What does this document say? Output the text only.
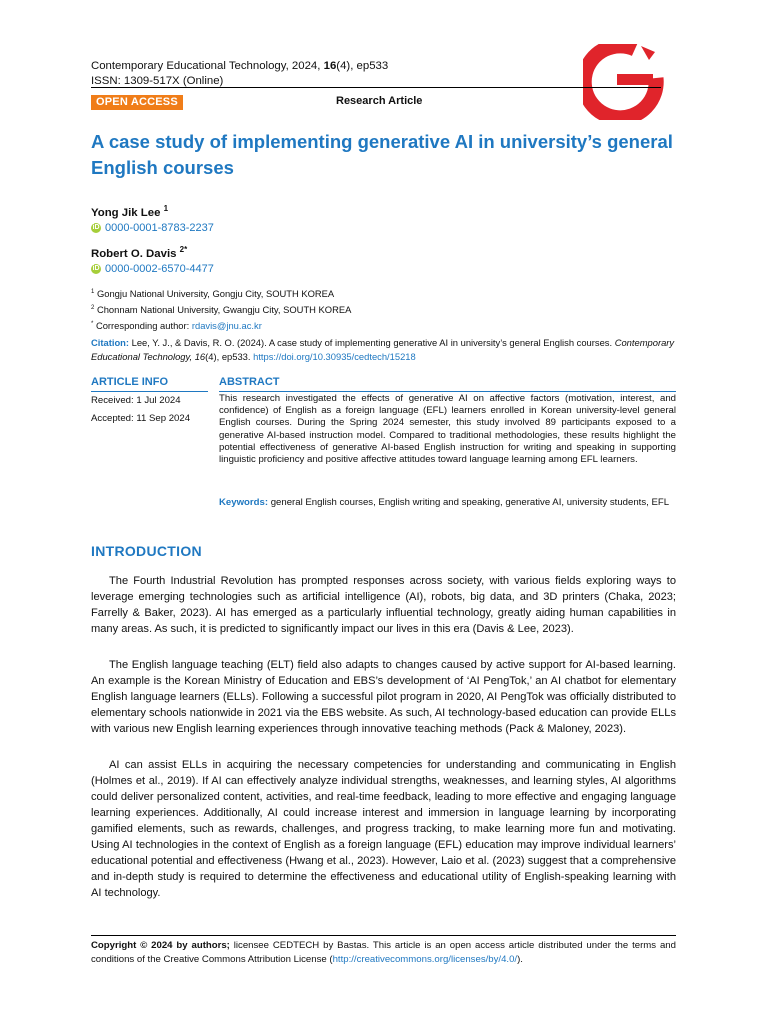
Contemporary Educational Technology, 2024, 16(4), ep533
ISSN: 1309-517X (Online)
OPEN ACCESS	Research Article
A case study of implementing generative AI in university’s general English courses
Yong Jik Lee $^1$
iD 0000-0001-8783-2237
Robert O. Davis $^{2*}$
iD 0000-0002-6570-4477
$^1$ Gongju National University, Gongju City, SOUTH KOREA
$^2$ Chonnam National University, Gwangju City, SOUTH KOREA
* Corresponding author: rdavis@jnu.ac.kr
Citation: Lee, Y. J., & Davis, R. O. (2024). A case study of implementing generative AI in university’s general English courses. Contemporary Educational Technology, 16(4), ep533. https://doi.org/10.30935/cedtech/15218
ARTICLE INFO
Received: 1 Jul 2024
Accepted: 11 Sep 2024
ABSTRACT
This research investigated the effects of generative AI on affective factors (motivation, interest, and confidence) of English as a foreign language (EFL) learners enrolled in Korean university-level general English courses. During the Spring 2024 semester, this study involved 89 participants exposed to a generative AI-based instruction model. Compared to traditional methodologies, these results highlight the potential effectiveness of generative AI-based English instruction for writing and speaking in supporting linguistic proficiency and positive affective attitudes toward language learning among EFL learners.
Keywords: general English courses, English writing and speaking, generative AI, university students, EFL
INTRODUCTION
The Fourth Industrial Revolution has prompted responses across society, with various fields exploring ways to leverage emerging technologies such as artificial intelligence (AI), robots, big data, and 3D printers (Chaka, 2023; Farrelly & Baker, 2023). AI has emerged as a particularly influential technology, greatly aiding human capabilities in many areas. As such, it is predicted to significantly impact our lives in this era (Davis & Lee, 2023).
The English language teaching (ELT) field also adapts to changes caused by active support for AI-based learning. An example is the Korean Ministry of Education and EBS’s development of ‘AI PengTok,’ an AI chatbot for elementary English language learners (ELLs). Following a successful pilot program in 2020, AI PengTok was officially distributed to elementary schools nationwide in 2021 via the EBS website. As such, AI technology-based education can provide ELLs with various new English learning experiences through innovative teaching methods (Pack & Maloney, 2023).
AI can assist ELLs in acquiring the necessary competencies for understanding and communicating in English (Holmes et al., 2019). If AI can effectively analyze individual strengths, weaknesses, and learning styles, AI algorithms could deliver personalized content, activities, and real-time feedback, leading to more effective and engaging language learning experiences. Additionally, AI could increase interest and immersion in language learning by incorporating gamified elements, such as rewards, challenges, and progress tracking, to make learning more fun and motivating. Using AI technologies in the context of English as a foreign language (EFL) education may improve individual learners’ educational potential and effectiveness (Hwang et al., 2023). However, Laio et al. (2023) suggest that a comprehensive and in-depth study is required to determine the effectiveness and educational utility of English-speaking learning with AI technology.
Copyright © 2024 by authors; licensee CEDTECH by Bastas. This article is an open access article distributed under the terms and conditions of the Creative Commons Attribution License (http://creativecommons.org/licenses/by/4.0/).
